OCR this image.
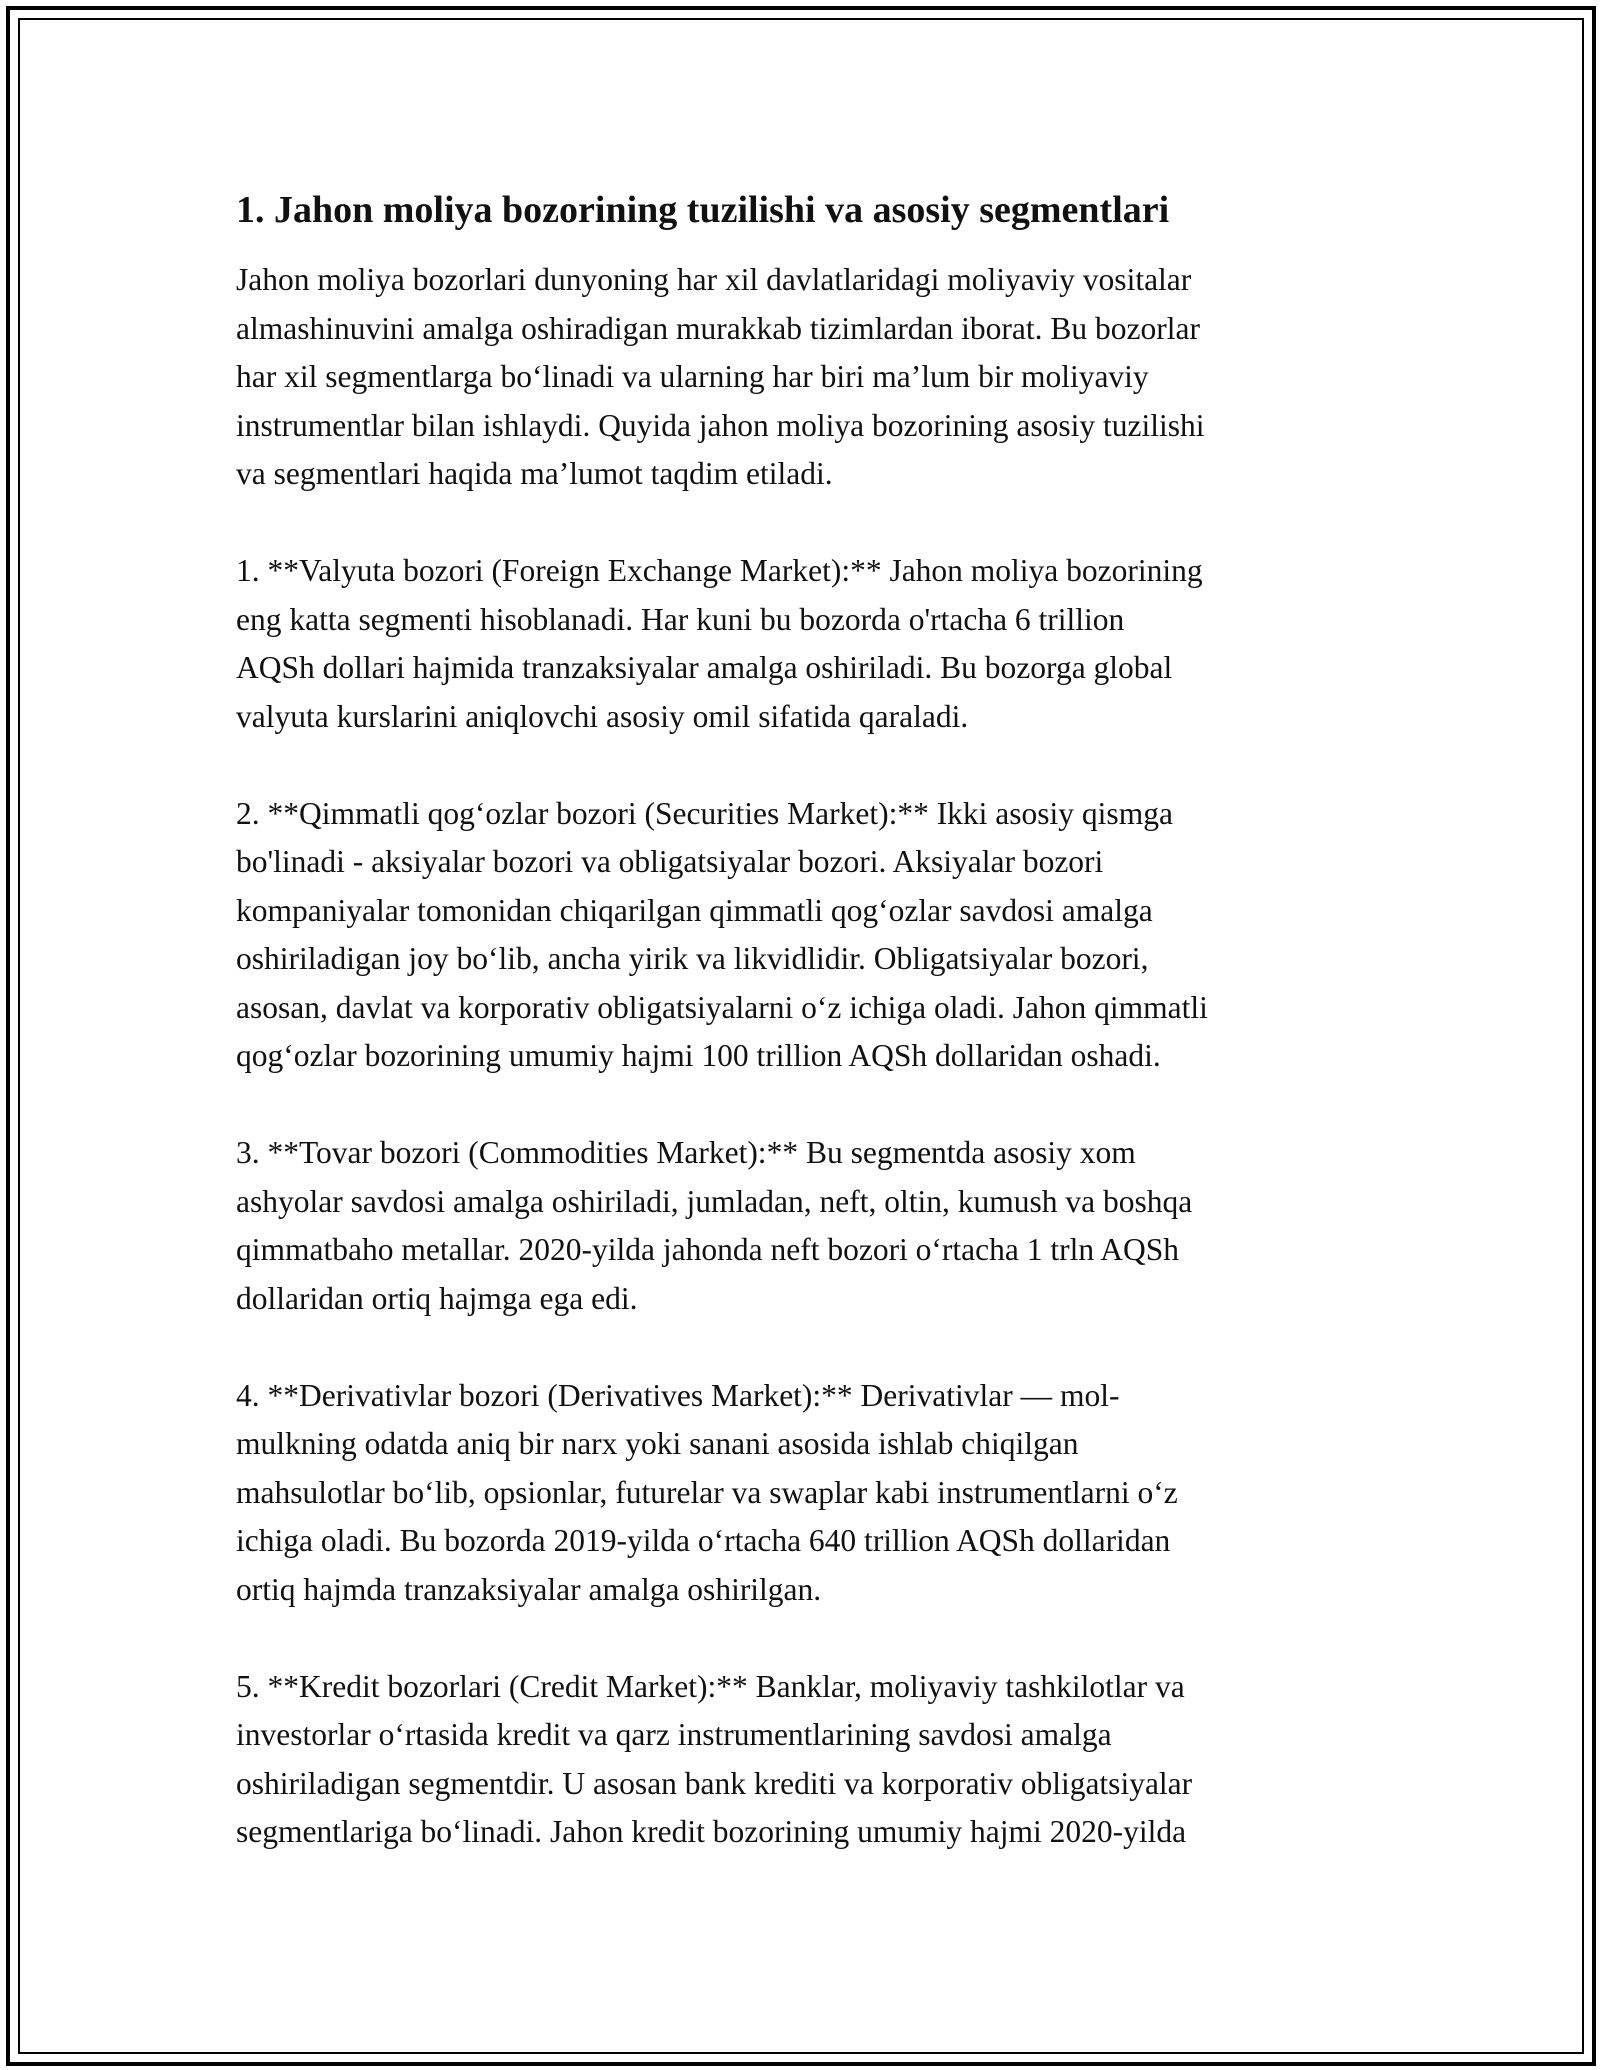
1. Jahon moliya bozorining tuzilishi va asosiy segmentlari

Jahon moliya bozorlari dunyoning har xil davlatlaridagi moliyaviy vositalar
almashinuvini amalga oshiradigan murakkab tizimlardan iborat. Bu bozorlar
har xil segmentlarga bo‘linadi va ularning har biri ma’lum bir moliyaviy
instrumentlar bilan ishlaydi. Quyida jahon moliya bozorining asosiy tuzilishi
va segmentlari haqida ma’lumot taqdim etiladi.

1. **Valyuta bozori (Foreign Exchange Market):** Jahon moliya bozorining
eng katta segmenti hisoblanadi. Har kuni bu bozorda o'rtacha 6 trillion
AQSh dollari hajmida tranzaksiyalar amalga oshiriladi. Bu bozorga global
valyuta kurslarini aniqlovchi asosiy omil sifatida qaraladi.

2. **Qimmatli qog‘ozlar bozori (Securities Market):** Ikki asosiy qismga
bo'linadi - aksiyalar bozori va obligatsiyalar bozori. Aksiyalar bozori
kompaniyalar tomonidan chiqarilgan qimmatli qog‘ozlar savdosi amalga
oshiriladigan joy bo‘lib, ancha yirik va likvidlidir. Obligatsiyalar bozori,
asosan, davlat va korporativ obligatsiyalarni o‘z ichiga oladi. Jahon qimmatli
qog‘ozlar bozorining umumiy hajmi 100 trillion AQSh dollaridan oshadi.

3. **Tovar bozori (Commodities Market):** Bu segmentda asosiy xom
ashyolar savdosi amalga oshiriladi, jumladan, neft, oltin, kumush va boshqa
qimmatbaho metallar. 2020-yilda jahonda neft bozori o‘rtacha 1 trln AQSh
dollaridan ortiq hajmga ega edi.

4. **Derivativlar bozori (Derivatives Market):** Derivativlar — mol-
mulkning odatda aniq bir narx yoki sanani asosida ishlab chiqilgan
mahsulotlar bo‘lib, opsionlar, futurelar va swaplar kabi instrumentlarni o‘z
ichiga oladi. Bu bozorda 2019-yilda o‘rtacha 640 trillion AQSh dollaridan
ortiq hajmda tranzaksiyalar amalga oshirilgan.

5. **Kredit bozorlari (Credit Market):** Banklar, moliyaviy tashkilotlar va
investorlar o‘rtasida kredit va qarz instrumentlarining savdosi amalga
oshiriladigan segmentdir. U asosan bank krediti va korporativ obligatsiyalar
segmentlariga bo‘linadi. Jahon kredit bozorining umumiy hajmi 2020-yilda
